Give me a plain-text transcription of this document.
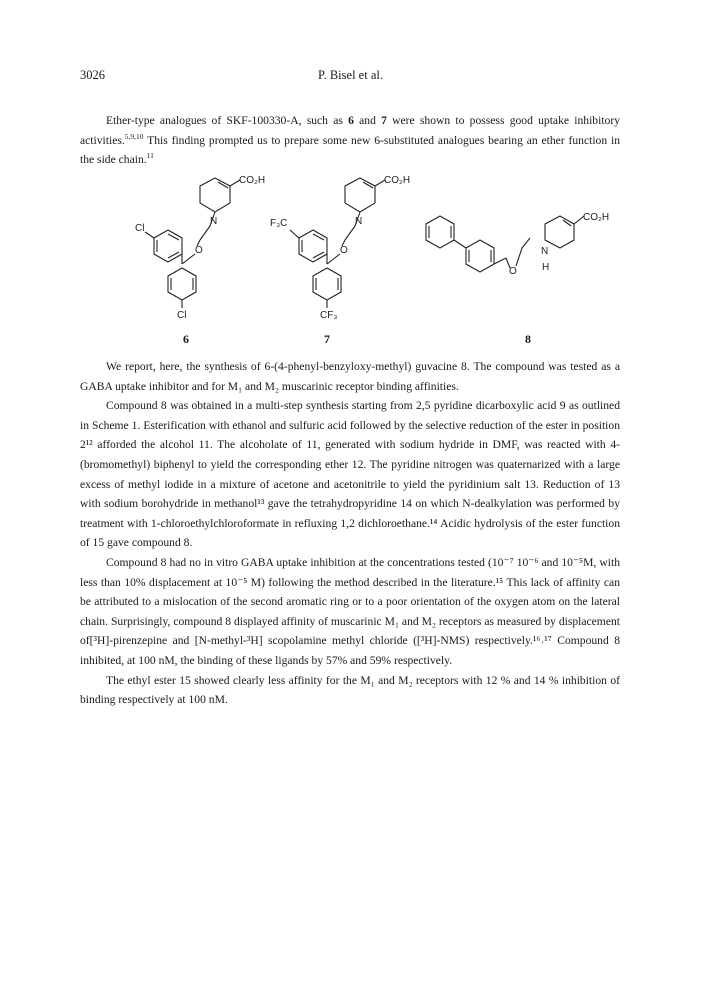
3026	P. Bisel et al.

Ether-type analogues of SKF-100330-A, such as 6 and 7 were shown to possess good uptake inhibitory activities.$^{5,9,10}$ This finding prompted us to prepare some new 6-substituted analogues bearing an ether function in the side chain.$^{11}$

CO₂H
N
O
Cl
Cl
CO₂H
N
O
F₃C
CF₃
CO₂H
O
N
H
6	7	8

We report, here, the synthesis of 6-(4-phenyl-benzyloxy-methyl) guvacine 8. The compound was tested as a GABA uptake inhibitor and for M₁ and M₂ muscarinic receptor binding affinities.

Compound 8 was obtained in a multi-step synthesis starting from 2,5 pyridine dicarboxylic acid 9 as outlined in Scheme 1. Esterification with ethanol and sulfuric acid followed by the selective reduction of the ester in position 2¹² afforded the alcohol 11. The alcoholate of 11, generated with sodium hydride in DMF, was reacted with 4-(bromomethyl) biphenyl to yield the corresponding ether 12. The pyridine nitrogen was quaternarized with a large excess of methyl iodide in a mixture of acetone and acetonitrile to yield the pyridinium salt 13. Reduction of 13 with sodium borohydride in methanol¹³ gave the tetrahydropyridine 14 on which N-dealkylation was performed by treatment with 1-chloroethylchloroformate in refluxing 1,2 dichloroethane.¹⁴ Acidic hydrolysis of the ester function of 15 gave compound 8.

Compound 8 had no in vitro GABA uptake inhibition at the concentrations tested (10⁻⁷ 10⁻⁶ and 10⁻⁵M, with less than 10% displacement at 10⁻⁵ M) following the method described in the literature.¹⁵ This lack of affinity can be attributed to a mislocation of the second aromatic ring or to a poor orientation of the oxygen atom on the lateral chain. Surprisingly, compound 8 displayed affinity of muscarinic M₁ and M₂ receptors as measured by displacement of[³H]-pirenzepine and [N-methyl-³H] scopolamine methyl chloride ([³H]-NMS) respectively.¹⁶˒¹⁷ Compound 8 inhibited, at 100 nM, the binding of these ligands by 57% and 59% respectively.

The ethyl ester 15 showed clearly less affinity for the M₁ and M₂ receptors with 12 % and 14 % inhibition of binding respectively at 100 nM.
